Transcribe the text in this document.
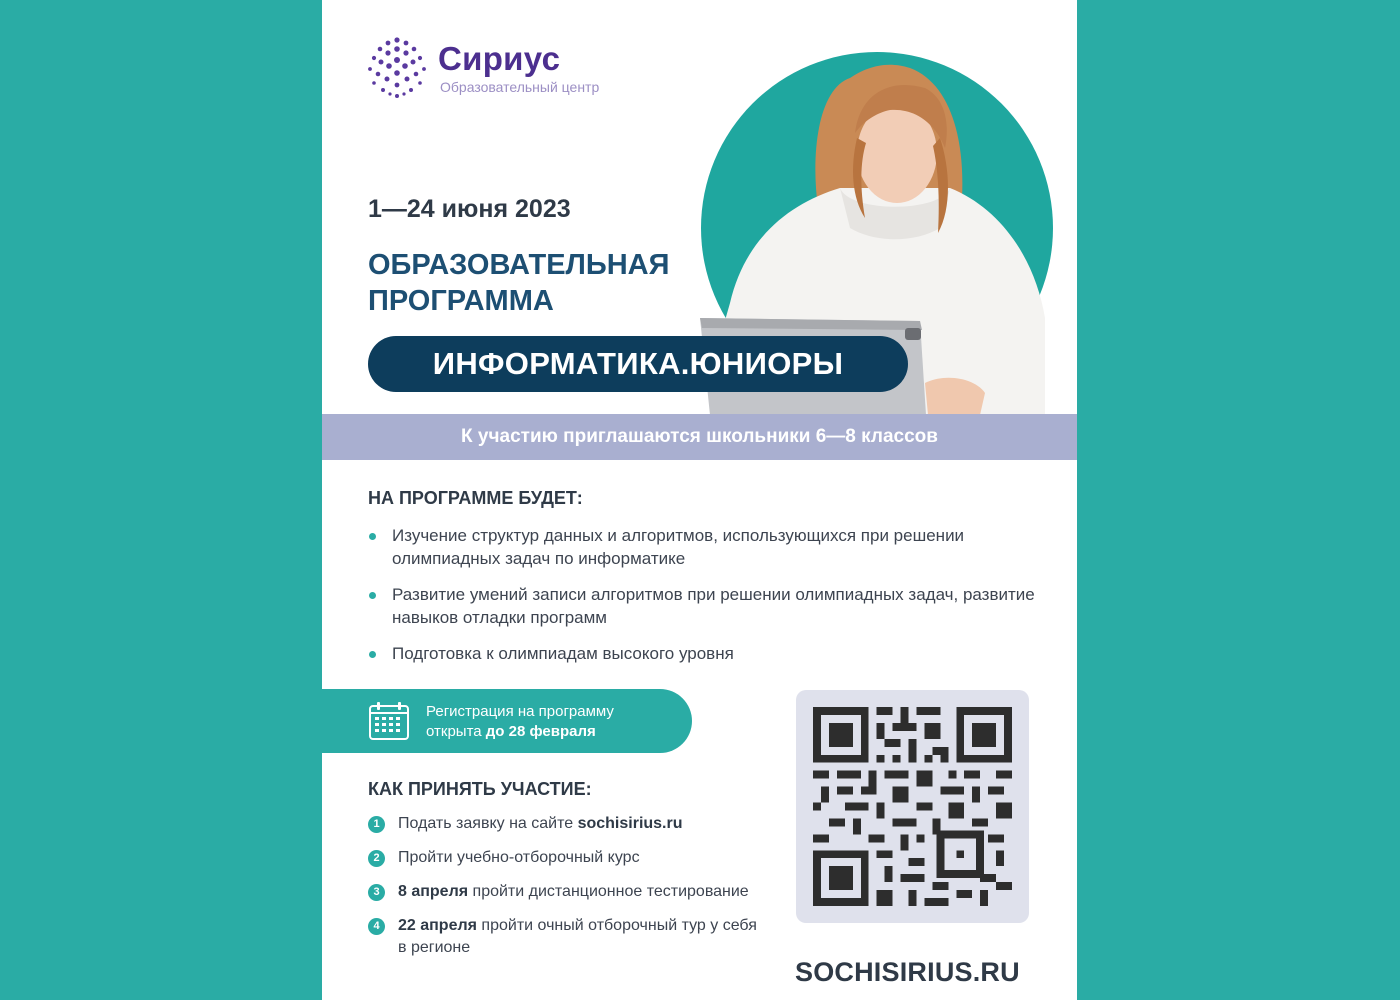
Сириус
Образовательный центр
1—24 июня 2023
ОБРАЗОВАТЕЛЬНАЯ ПРОГРАММА
ИНФОРМАТИКА.ЮНИОРЫ
К участию приглашаются школьники 6—8 классов
НА ПРОГРАММЕ БУДЕТ:
Изучение структур данных и алгоритмов, использующихся при решении олимпиадных задач по информатике
Развитие умений записи алгоритмов при решении олимпиадных задач, развитие навыков отладки программ
Подготовка к олимпиадам высокого уровня
Регистрация на программу
открыта до 28 февраля
КАК ПРИНЯТЬ УЧАСТИЕ:
1	Подать заявку на сайте sochisirius.ru
2	Пройти учебно-отборочный курс
3	8 апреля пройти дистанционное тестирование
4	22 апреля пройти очный отборочный тур у себя в регионе
SOCHISIRIUS.RU
